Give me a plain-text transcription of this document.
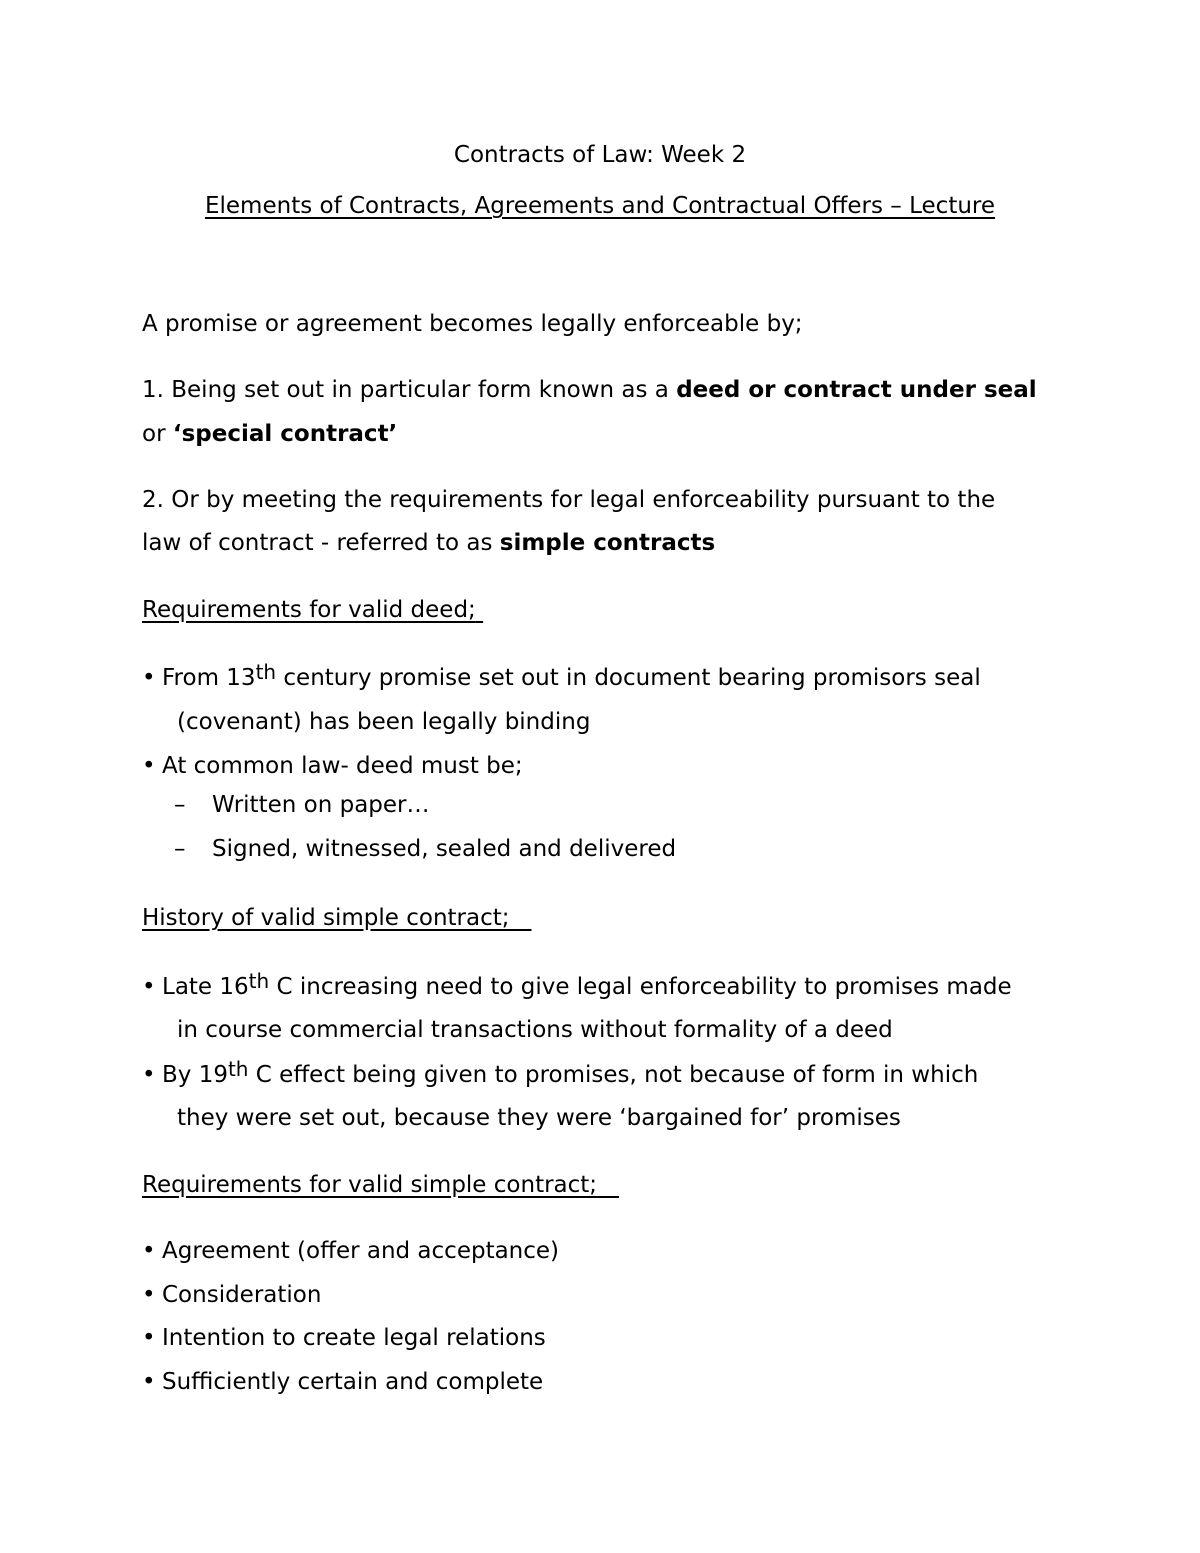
Contracts of Law: Week 2
Elements of Contracts, Agreements and Contractual Offers – Lecture
A promise or agreement becomes legally enforceable by;
1. Being set out in particular form known as a deed or contract under seal
or ‘special contract’
2. Or by meeting the requirements for legal enforceability pursuant to the
law of contract - referred to as simple contracts
Requirements for valid deed;
• From 13th century promise set out in document bearing promisors seal
(covenant) has been legally binding
• At common law- deed must be;
– Written on paper…
– Signed, witnessed, sealed and delivered
History of valid simple contract;
• Late 16th C increasing need to give legal enforceability to promises made
in course commercial transactions without formality of a deed
• By 19th C effect being given to promises, not because of form in which
they were set out, because they were ‘bargained for’ promises
Requirements for valid simple contract;
• Agreement (offer and acceptance)
• Consideration
• Intention to create legal relations
• Sufficiently certain and complete
